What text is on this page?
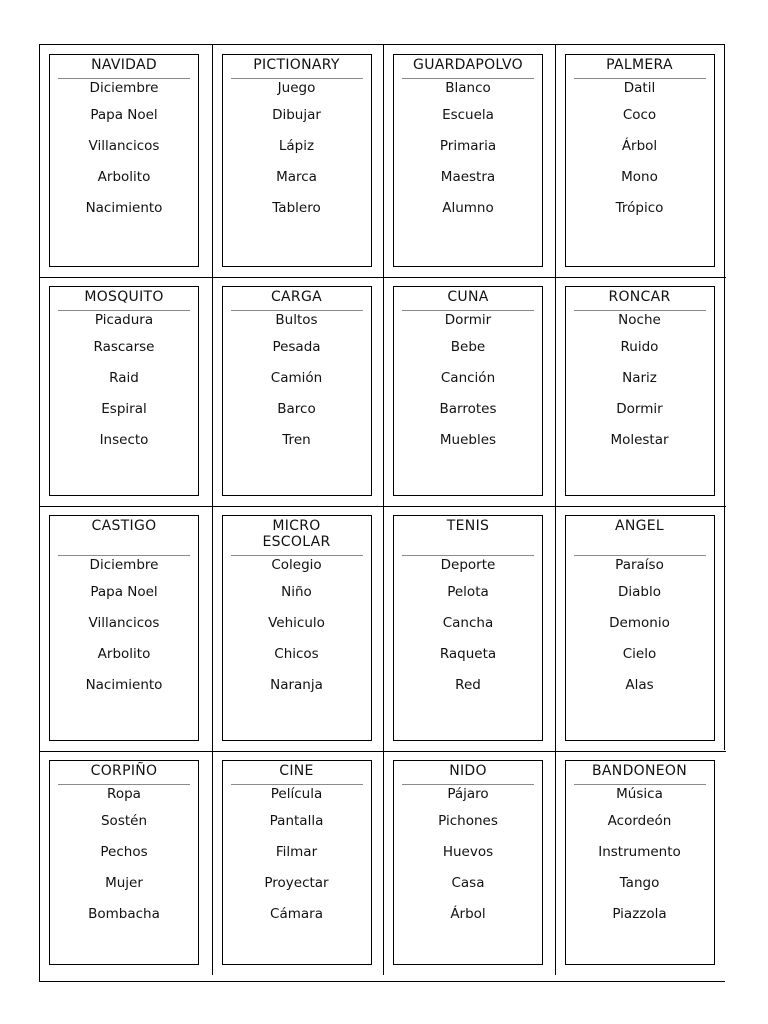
NAVIDAD
Diciembre
Papa Noel
Villancicos
Arbolito
Nacimiento
PICTIONARY
Juego
Dibujar
Lápiz
Marca
Tablero
GUARDAPOLVO
Blanco
Escuela
Primaria
Maestra
Alumno
PALMERA
Datil
Coco
Árbol
Mono
Trópico
MOSQUITO
Picadura
Rascarse
Raid
Espiral
Insecto
CARGA
Bultos
Pesada
Camión
Barco
Tren
CUNA
Dormir
Bebe
Canción
Barrotes
Muebles
RONCAR
Noche
Ruido
Nariz
Dormir
Molestar
CASTIGO
Diciembre
Papa Noel
Villancicos
Arbolito
Nacimiento
MICRO ESCOLAR
Colegio
Niño
Vehiculo
Chicos
Naranja
TENIS
Deporte
Pelota
Cancha
Raqueta
Red
ANGEL
Paraíso
Diablo
Demonio
Cielo
Alas
CORPIÑO
Ropa
Sostén
Pechos
Mujer
Bombacha
CINE
Película
Pantalla
Filmar
Proyectar
Cámara
NIDO
Pájaro
Pichones
Huevos
Casa
Árbol
BANDONEON
Música
Acordeón
Instrumento
Tango
Piazzola
